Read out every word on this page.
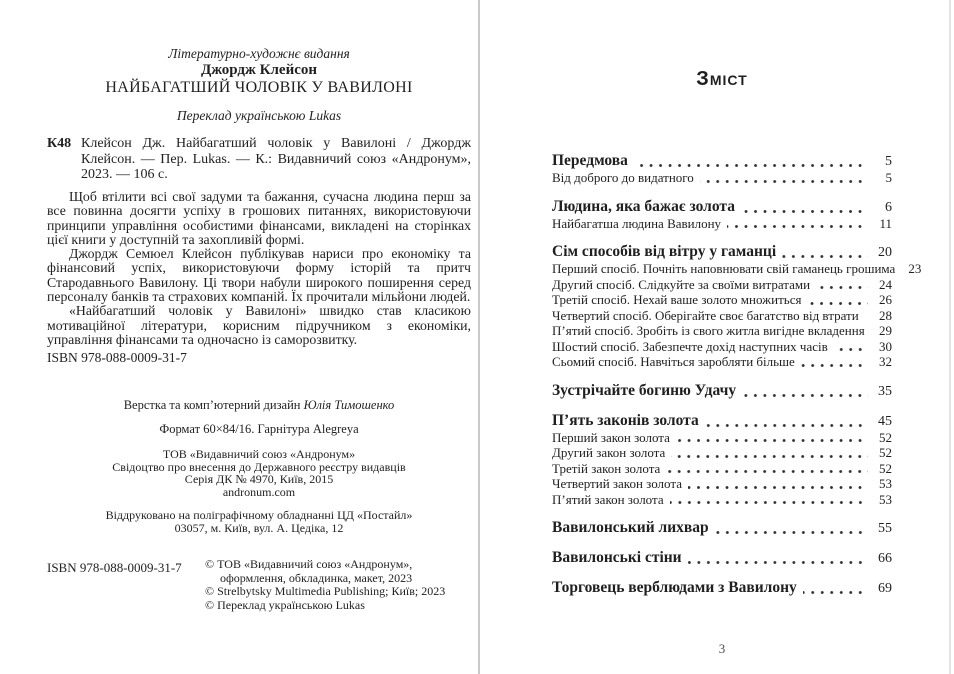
Літературно-художнє видання
Джордж Клейсон
НАЙБАГАТШИЙ ЧОЛОВІК У ВАВИЛОНІ
Переклад українською Lukas
К48 Клейсон Дж. Найбагатший чоловік у Вавилоні / Джордж Клейсон. — Пер. Lukas. — К.: Видавничий союз «Андронум», 2023. — 106 с.

Щоб втілити всі свої задуми та бажання, сучасна людина перш за все повинна досягти успіху в грошових питаннях, використовуючи принципи управління особистими фінансами, викладені на сторінках цієї книги у доступній та захопливій формі.

Джордж Семюел Клейсон публікував нариси про економіку та фінансовий успіх, використовуючи форму історій та притч Стародавнього Вавилону. Ці твори набули широкого поширення серед персоналу банків та страхових компаній. Їх прочитали мільйони людей.

«Найбагатший чоловік у Вавилоні» швидко став класикою мотиваційної літератури, корисним підручником з економіки, управління фінансами та одночасно із саморозвитку.

ISBN 978-088-0009-31-7
Верстка та комп’ютерний дизайн Юлія Тимошенко
Формат 60×84/16. Гарнітура Alegreya
ТОВ «Видавничий союз «Андронум»
Свідоцтво про внесення до Державного реєстру видавців
Серія ДК № 4970, Київ, 2015
andronum.com
Віддруковано на поліграфічному обладнанні ЦД «Постайл»
03057, м. Київ, вул. А. Цедіка, 12
ISBN 978-088-0009-31-7 © ТОВ «Видавничий союз «Андронум», оформлення, обкладинка, макет, 2023
© Strelbytsky Multimedia Publishing; Київ; 2023
© Переклад українською Lukas
Зміст
Передмова	5
Від доброго до видатного	5
Людина, яка бажає золота	6
Найбагатша людина Вавилону	11
Сім способів від вітру у гаманці	20
Перший спосіб. Почніть наповнювати свій гаманець грошима	23
Другий спосіб. Слідкуйте за своїми витратами	24
Третій спосіб. Нехай ваше золото множиться	26
Четвертий спосіб. Оберігайте своє багатство від втрати	28
П’ятий спосіб. Зробіть із свого житла вигідне вкладення	29
Шостий спосіб. Забезпечте дохід наступних часів	30
Сьомий спосіб. Навчіться заробляти більше	32
Зустрічайте богиню Удачу	35
П’ять законів золота	45
Перший закон золота	52
Другий закон золота	52
Третій закон золота	52
Четвертий закон золота	53
П’ятий закон золота	53
Вавилонський лихвар	55
Вавилонські стіни	66
Торговець верблюдами з Вавилону	69
3
